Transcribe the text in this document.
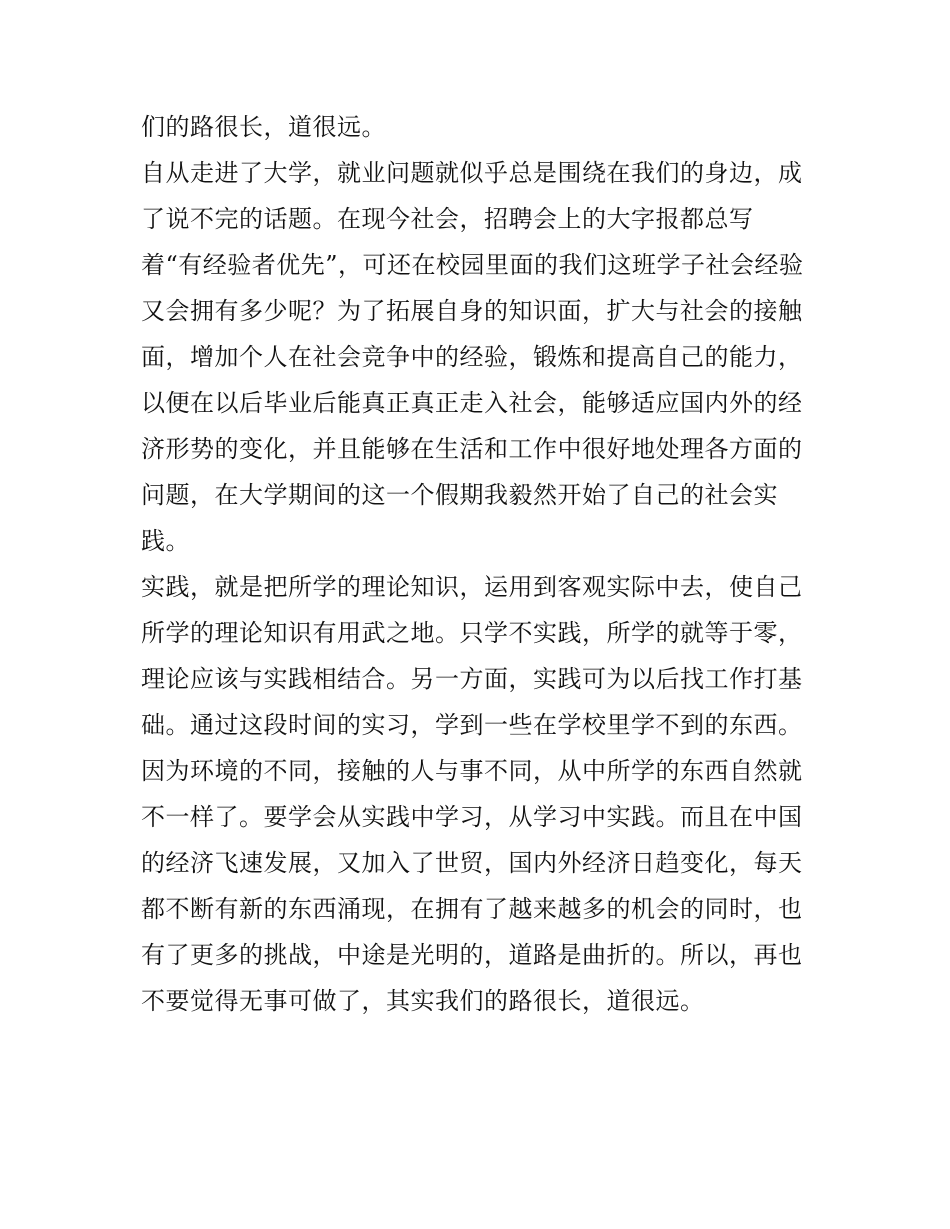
们的路很长，道很远。
自从走进了大学，就业问题就似乎总是围绕在我们的身边，成
了说不完的话题。在现今社会，招聘会上的大字报都总写
着“有经验者优先”，可还在校园里面的我们这班学子社会经验
又会拥有多少呢？为了拓展自身的知识面，扩大与社会的接触
面，增加个人在社会竞争中的经验，锻炼和提高自己的能力，
以便在以后毕业后能真正真正走入社会，能够适应国内外的经
济形势的变化，并且能够在生活和工作中很好地处理各方面的
问题，在大学期间的这一个假期我毅然开始了自己的社会实
践。
实践，就是把所学的理论知识，运用到客观实际中去，使自己
所学的理论知识有用武之地。只学不实践，所学的就等于零，
理论应该与实践相结合。另一方面，实践可为以后找工作打基
础。通过这段时间的实习，学到一些在学校里学不到的东西。
因为环境的不同，接触的人与事不同，从中所学的东西自然就
不一样了。要学会从实践中学习，从学习中实践。而且在中国
的经济飞速发展，又加入了世贸，国内外经济日趋变化，每天
都不断有新的东西涌现，在拥有了越来越多的机会的同时，也
有了更多的挑战，中途是光明的，道路是曲折的。所以，再也
不要觉得无事可做了，其实我们的路很长，道很远。
